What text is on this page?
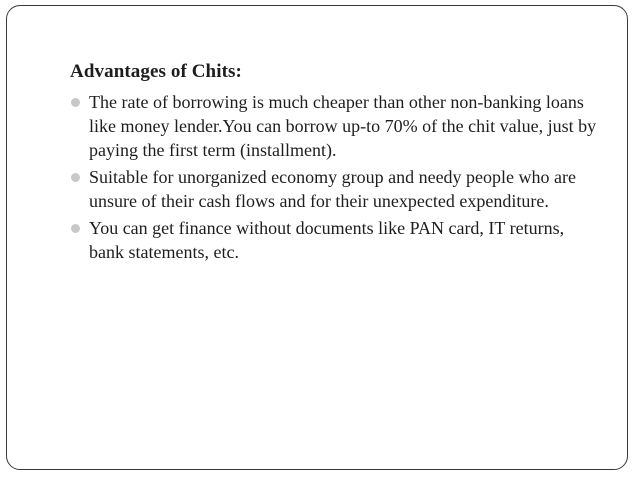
Advantages of Chits:
The rate of borrowing is much cheaper than other non-banking loans like money lender.You can borrow up-to 70% of the chit value, just by paying the first term (installment).
Suitable for unorganized economy group and needy people who are unsure of their cash flows and for their unexpected expenditure.
You can get finance without documents like PAN card, IT returns, bank statements, etc.
